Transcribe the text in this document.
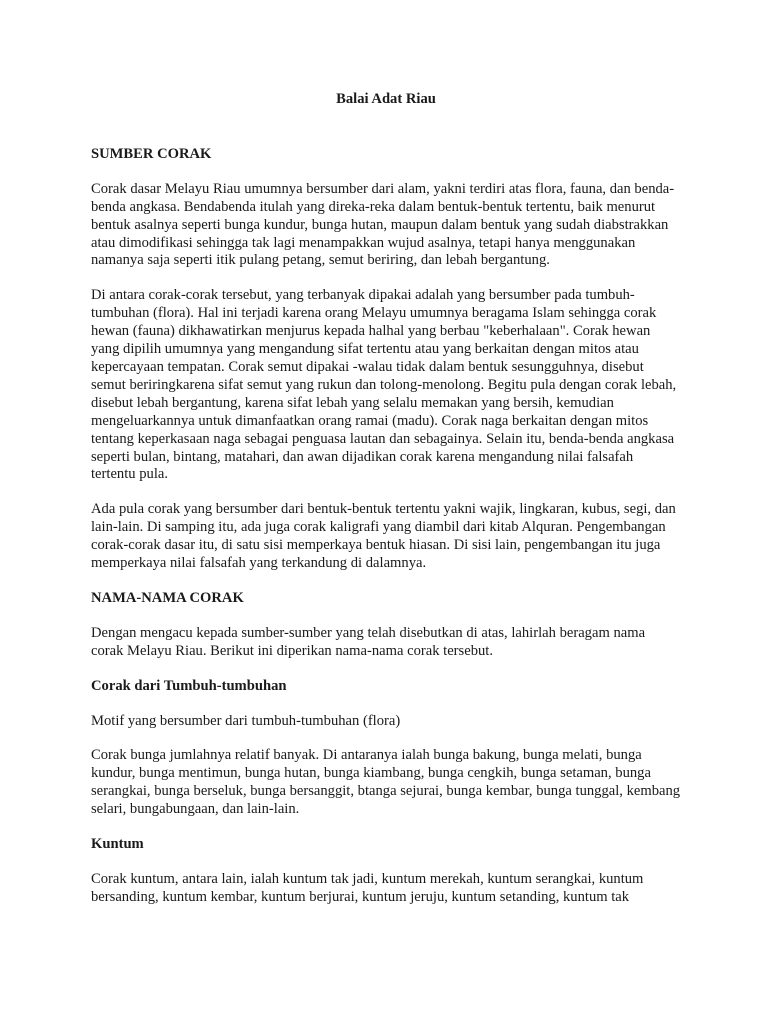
Balai Adat Riau
SUMBER CORAK

Corak dasar Melayu Riau umumnya bersumber dari alam, yakni terdiri atas flora, fauna, dan benda-benda angkasa. Bendabenda itulah yang direka-reka dalam bentuk-bentuk tertentu, baik menurut bentuk asalnya seperti bunga kundur, bunga hutan, maupun dalam bentuk yang sudah diabstrakkan atau dimodifikasi sehingga tak lagi menampakkan wujud asalnya, tetapi hanya menggunakan namanya saja seperti itik pulang petang, semut beriring, dan lebah bergantung.

Di antara corak-corak tersebut, yang terbanyak dipakai adalah yang bersumber pada tumbuh-tumbuhan (flora). Hal ini terjadi karena orang Melayu umumnya beragama Islam sehingga corak hewan (fauna) dikhawatirkan menjurus kepada halhal yang berbau "keberhalaan". Corak hewan yang dipilih umumnya yang mengandung sifat tertentu atau yang berkaitan dengan mitos atau kepercayaan tempatan. Corak semut dipakai -walau tidak dalam bentuk sesungguhnya, disebut semut beriringkarena sifat semut yang rukun dan tolong-menolong. Begitu pula dengan corak lebah, disebut lebah bergantung, karena sifat lebah yang selalu memakan yang bersih, kemudian mengeluarkannya untuk dimanfaatkan orang ramai (madu). Corak naga berkaitan dengan mitos tentang keperkasaan naga sebagai penguasa lautan dan sebagainya. Selain itu, benda-benda angkasa seperti bulan, bintang, matahari, dan awan dijadikan corak karena mengandung nilai falsafah tertentu pula.

Ada pula corak yang bersumber dari bentuk-bentuk tertentu yakni wajik, lingkaran, kubus, segi, dan lain-lain. Di samping itu, ada juga corak kaligrafi yang diambil dari kitab Alquran. Pengembangan corak-corak dasar itu, di satu sisi memperkaya bentuk hiasan. Di sisi lain, pengembangan itu juga memperkaya nilai falsafah yang terkandung di dalamnya.

NAMA-NAMA CORAK

Dengan mengacu kepada sumber-sumber yang telah disebutkan di atas, lahirlah beragam nama corak Melayu Riau. Berikut ini diperikan nama-nama corak tersebut.

Corak dari Tumbuh-tumbuhan

Motif yang bersumber dari tumbuh-tumbuhan (flora)

Corak bunga jumlahnya relatif banyak. Di antaranya ialah bunga bakung, bunga melati, bunga kundur, bunga mentimun, bunga hutan, bunga kiambang, bunga cengkih, bunga setaman, bunga serangkai, bunga berseluk, bunga bersanggit, btanga sejurai, bunga kembar, bunga tunggal, kembang selari, bungabungaan, dan lain-lain.

Kuntum

Corak kuntum, antara lain, ialah kuntum tak jadi, kuntum merekah, kuntum serangkai, kuntum bersanding, kuntum kembar, kuntum berjurai, kuntum jeruju, kuntum setanding, kuntum tak
